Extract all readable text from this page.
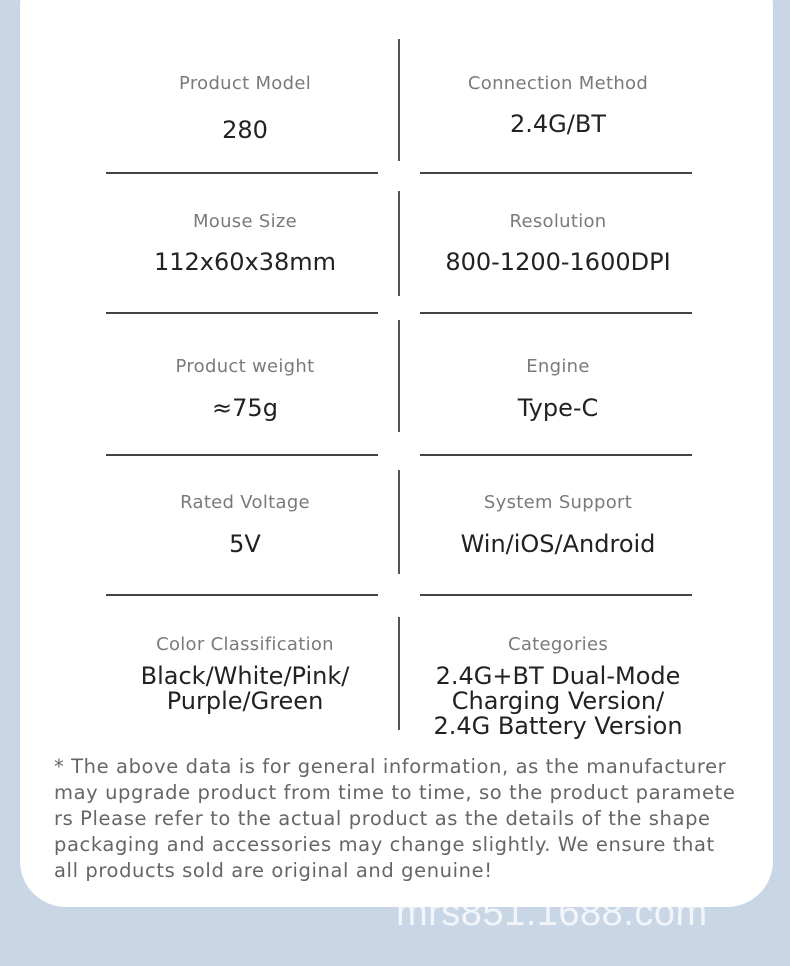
Product Model
280
Connection Method
2.4G/BT
Mouse Size
112x60x38mm
Resolution
800-1200-1600DPI
Product weight
≈75g
Engine
Type-C
Rated Voltage
5V
System Support
Win/iOS/Android
Color Classification
Black/White/Pink/
Purple/Green
Categories
2.4G+BT Dual-Mode
Charging Version/
2.4G Battery Version

* The above data is for general information, as the manufacturer

may upgrade product from time to time, so the product paramete

rs Please refer to the actual product as the details of the shape

packaging and accessories may change slightly. We ensure that

all products sold are original and genuine!

mrs851.1688.com
